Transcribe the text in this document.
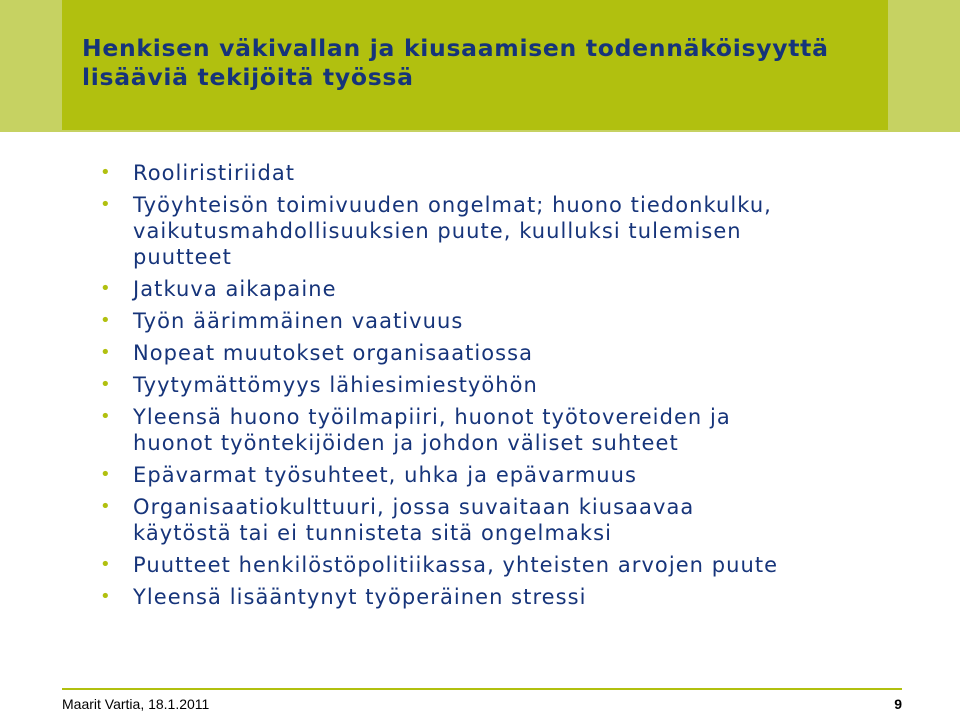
Henkisen väkivallan ja kiusaamisen todennäköisyyttä
lisääviä tekijöitä työssä
• Rooliristiriidat
• Työyhteisön toimivuuden ongelmat; huono tiedonkulku,
vaikutusmahdollisuuksien puute, kuulluksi tulemisen
puutteet
• Jatkuva aikapaine
• Työn äärimmäinen vaativuus
• Nopeat muutokset organisaatiossa
• Tyytymättömyys lähiesimiestyöhön
• Yleensä huono työilmapiiri, huonot työtovereiden ja
huonot työntekijöiden ja johdon väliset suhteet
• Epävarmat työsuhteet, uhka ja epävarmuus
• Organisaatiokulttuuri, jossa suvaitaan kiusaavaa
käytöstä tai ei tunnisteta sitä ongelmaksi
• Puutteet henkilöstöpolitiikassa, yhteisten arvojen puute
• Yleensä lisääntynyt työperäinen stressi
Maarit Vartia, 18.1.2011	9
